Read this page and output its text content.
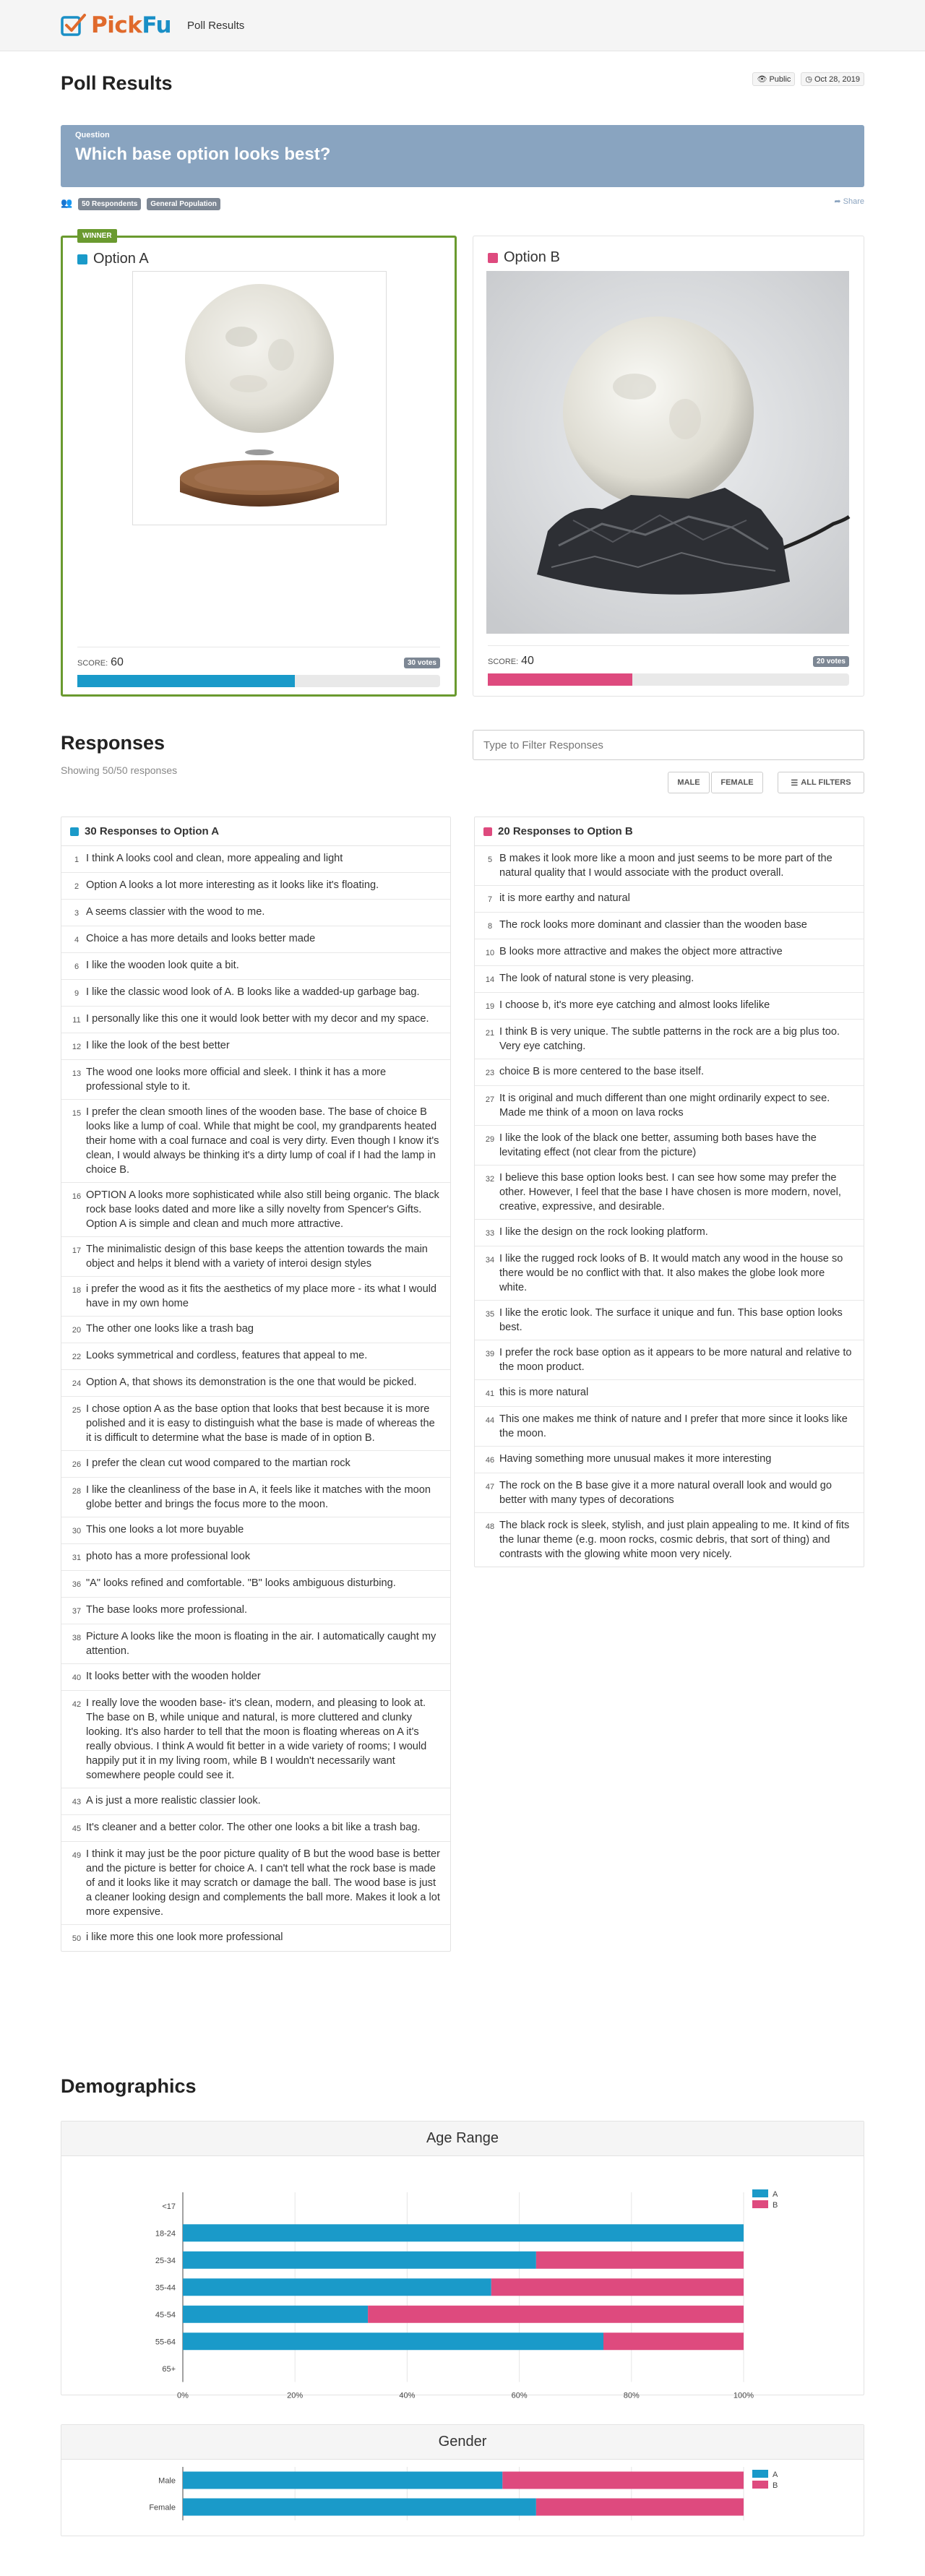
PickFu Poll Results
Poll Results	👁 Public ◷ Oct 28, 2019
Question
Which base option looks best?
👥 50 Respondents General Population	➦ Share
WINNER
Option A
SCORE: 60	30 votes
Option B
SCORE: 40	20 votes
Responses
Showing 50/50 responses
Type to Filter Responses
MALE	FEMALE	☰ ALL FILTERS
30 Responses to Option A
1 I think A looks cool and clean, more appealing and light
2 Option A looks a lot more interesting as it looks like it's floating.
3 A seems classier with the wood to me.
4 Choice a has more details and looks better made
6 I like the wooden look quite a bit.
9 I like the classic wood look of A. B looks like a wadded-up garbage bag.
11 I personally like this one it would look better with my decor and my space.
12 I like the look of the best better
13 The wood one looks more official and sleek. I think it has a more professional style to it.
15 I prefer the clean smooth lines of the wooden base. The base of choice B looks like a lump of coal. While that might be cool, my grandparents heated their home with a coal furnace and coal is very dirty. Even though I know it's clean, I would always be thinking it's a dirty lump of coal if I had the lamp in choice B.
16 OPTION A looks more sophisticated while also still being organic. The black rock base looks dated and more like a silly novelty from Spencer's Gifts. Option A is simple and clean and much more attractive.
17 The minimalistic design of this base keeps the attention towards the main object and helps it blend with a variety of interoi design styles
18 i prefer the wood as it fits the aesthetics of my place more - its what I would have in my own home
20 The other one looks like a trash bag
22 Looks symmetrical and cordless, features that appeal to me.
24 Option A, that shows its demonstration is the one that would be picked.
25 I chose option A as the base option that looks that best because it is more polished and it is easy to distinguish what the base is made of whereas the it is difficult to determine what the base is made of in option B.
26 I prefer the clean cut wood compared to the martian rock
28 I like the cleanliness of the base in A, it feels like it matches with the moon globe better and brings the focus more to the moon.
30 This one looks a lot more buyable
31 photo has a more professional look
36 "A" looks refined and comfortable. "B" looks ambiguous disturbing.
37 The base looks more professional.
38 Picture A looks like the moon is floating in the air. I automatically caught my attention.
40 It looks better with the wooden holder
42 I really love the wooden base- it's clean, modern, and pleasing to look at. The base on B, while unique and natural, is more cluttered and clunky looking. It's also harder to tell that the moon is floating whereas on A it's really obvious. I think A would fit better in a wide variety of rooms; I would happily put it in my living room, while B I wouldn't necessarily want somewhere people could see it.
43 A is just a more realistic classier look.
45 It's cleaner and a better color. The other one looks a bit like a trash bag.
49 I think it may just be the poor picture quality of B but the wood base is better and the picture is better for choice A. I can't tell what the rock base is made of and it looks like it may scratch or damage the ball. The wood base is just a cleaner looking design and complements the ball more. Makes it look a lot more expensive.
50 i like more this one look more professional
20 Responses to Option B
5 B makes it look more like a moon and just seems to be more part of the natural quality that I would associate with the product overall.
7 it is more earthy and natural
8 The rock looks more dominant and classier than the wooden base
10 B looks more attractive and makes the object more attractive
14 The look of natural stone is very pleasing.
19 I choose b, it's more eye catching and almost looks lifelike
21 I think B is very unique. The subtle patterns in the rock are a big plus too. Very eye catching.
23 choice B is more centered to the base itself.
27 It is original and much different than one might ordinarily expect to see. Made me think of a moon on lava rocks
29 I like the look of the black one better, assuming both bases have the levitating effect (not clear from the picture)
32 I believe this base option looks best. I can see how some may prefer the other. However, I feel that the base I have chosen is more modern, novel, creative, expressive, and desirable.
33 I like the design on the rock looking platform.
34 I like the rugged rock looks of B. It would match any wood in the house so there would be no conflict with that. It also makes the globe look more white.
35 I like the erotic look. The surface it unique and fun. This base option looks best.
39 I prefer the rock base option as it appears to be more natural and relative to the moon product.
41 this is more natural
44 This one makes me think of nature and I prefer that more since it looks like the moon.
46 Having something more unusual makes it more interesting
47 The rock on the B base give it a more natural overall look and would go better with many types of decorations
48 The black rock is sleek, stylish, and just plain appealing to me. It kind of fits the lunar theme (e.g. moon rocks, cosmic debris, that sort of thing) and contrasts with the glowing white moon very nicely.
Demographics
Age Range
<17
18-24
25-34
35-44
45-54
55-64
65+
0%	20%	40%	60%	80%	100%
A
B
Gender
Male
Female
A
B
